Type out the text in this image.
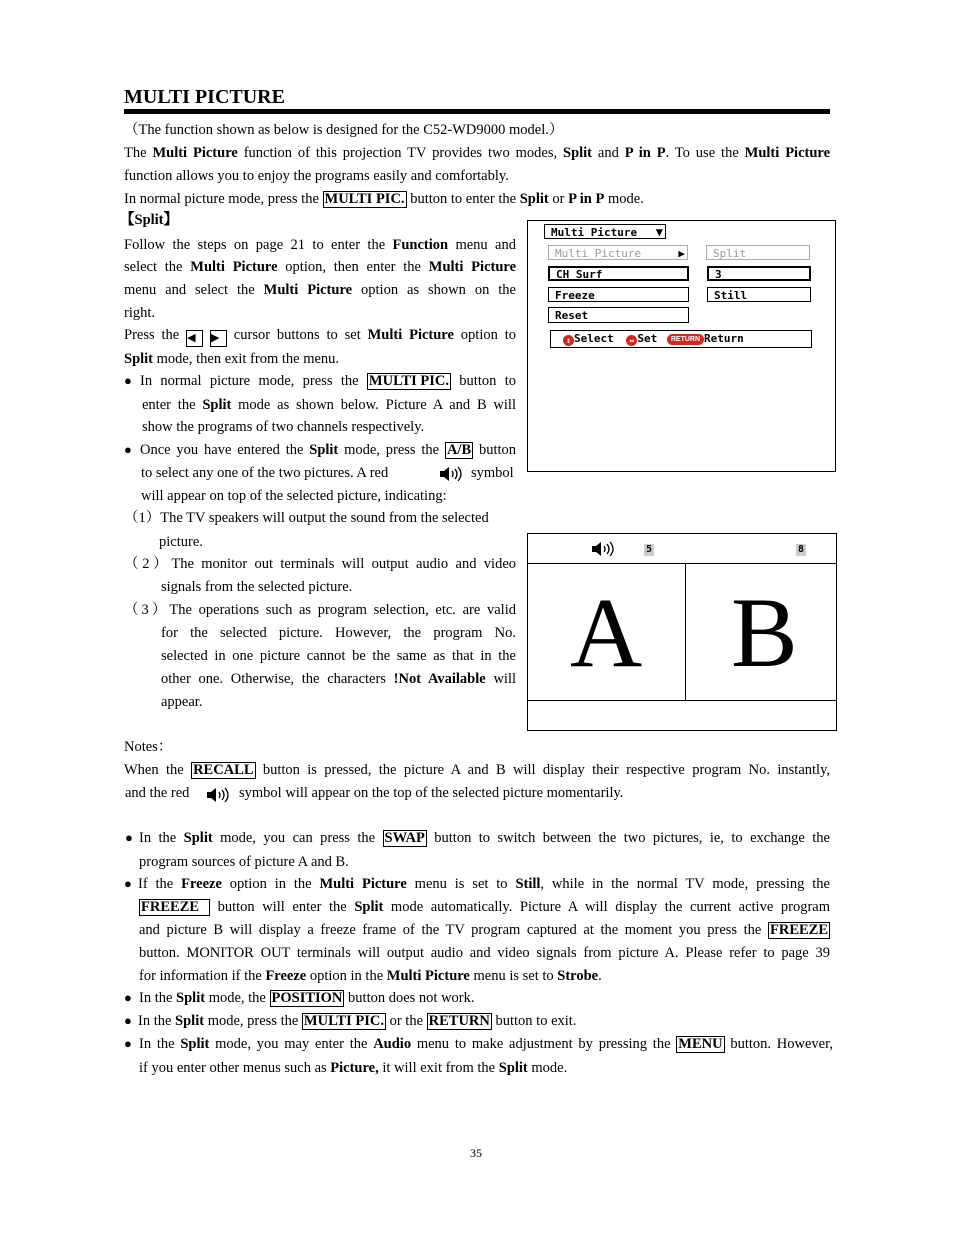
MULTI PICTURE
（The function shown as below is designed for the C52-WD9000 model.）
The Multi Picture function of this projection TV provides two modes, Split and P in P. To use the Multi Picture
function allows you to enjoy the programs easily and comfortably.
In normal picture mode, press the MULTI PIC. button to enter the Split or P in P mode.
【Split】
Follow the steps on page 21 to enter the Function menu and
select the Multi Picture option, then enter the Multi Picture
menu and select the Multi Picture option as shown on the
right.
Press the ◀ ▶ cursor buttons to set Multi Picture option to
Split mode, then exit from the menu.
● In normal picture mode, press the MULTI PIC. button to
enter the Split mode as shown below. Picture A and B will
show the programs of two channels respectively.
● Once you have entered the Split mode, press the A/B button
to select any one of the two pictures. A red	symbol
will appear on top of the selected picture, indicating:
（1）The TV speakers will output the sound from the selected
picture.
（2）The monitor out terminals will output audio and video
signals from the selected picture.
（3）The operations such as program selection, etc. are valid
for the selected picture. However, the program No.
selected in one picture cannot be the same as that in the
other one. Otherwise, the characters !Not Available will
appear.
Multi Picture ▼
Multi Picture	▶	Split
CH Surf	3
Freeze	Still
Reset
↕ Select ↔ Set RETURN Return
5	8
A B
Notes：
When the RECALL button is pressed, the picture A and B will display their respective program No. instantly,
and the red	symbol will appear on the top of the selected picture momentarily.
● In the Split mode, you can press the SWAP button to switch between the two pictures, ie, to exchange the
program sources of picture A and B.
● If the Freeze option in the Multi Picture menu is set to Still, while in the normal TV mode, pressing the
FREEZE button will enter the Split mode automatically. Picture A will display the current active program
and picture B will display a freeze frame of the TV program captured at the moment you press the FREEZE
button. MONITOR OUT terminals will output audio and video signals from picture A. Please refer to page 39
for information if the Freeze option in the Multi Picture menu is set to Strobe.
● In the Split mode, the POSITION button does not work.
● In the Split mode, press the MULTI PIC. or the RETURN button to exit.
● In the Split mode, you may enter the Audio menu to make adjustment by pressing the MENU button. However,
if you enter other menus such as Picture, it will exit from the Split mode.
35
